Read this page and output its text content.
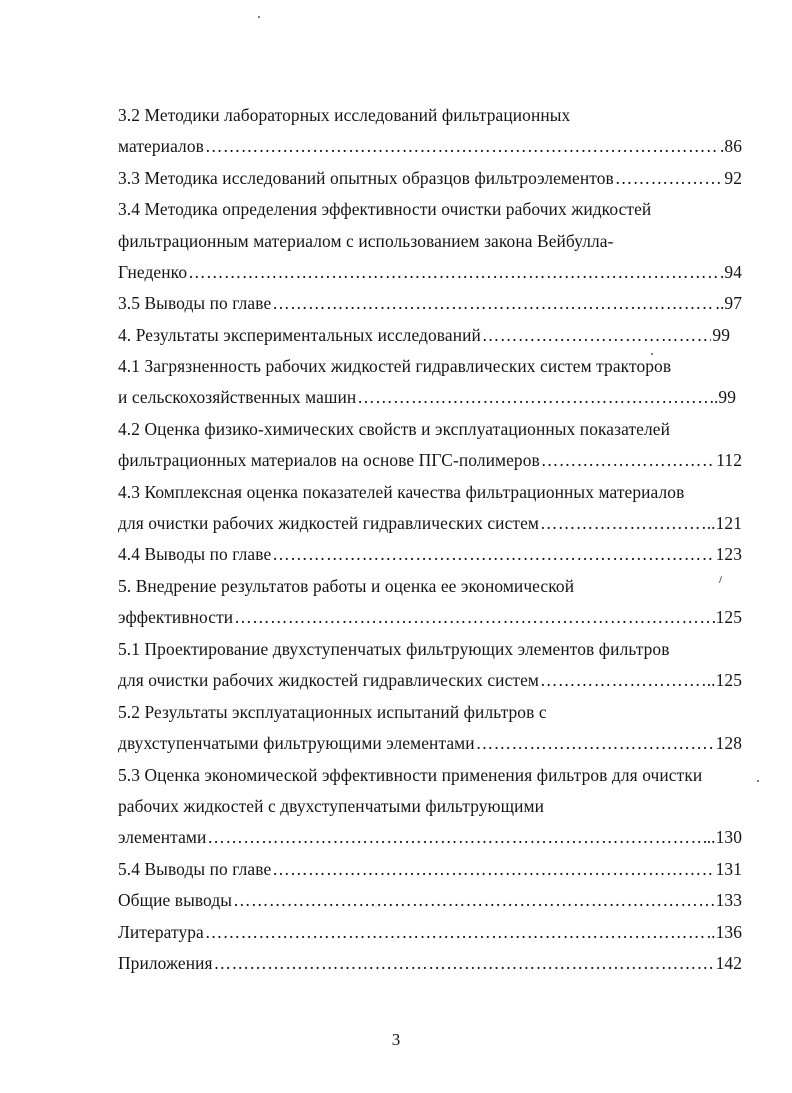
3.2 Методики лабораторных исследований фильтрационных
материалов ……………………………………………………………………………………………………………………………………	.86
3.3 Методика исследований опытных образцов фильтроэлементов ……………………………………………………………………………………………………………………………………	92
3.4 Методика определения эффективности очистки рабочих жидкостей
фильтрационным материалом с использованием закона Вейбулла-
Гнеденко ……………………………………………………………………………………………………………………………………	.94
3.5 Выводы по главе ……………………………………………………………………………………………………………………………………	..97
4. Результаты экспериментальных исследований ……………………………………………………………………………………………………………………………………	99
4.1 Загрязненность рабочих жидкостей гидравлических систем тракторов
и сельскохозяйственных машин ……………………………………………………………………………………………………………………………………	.99
4.2 Оценка физико-химических свойств и эксплуатационных показателей
фильтрационных материалов на основе ПГС-полимеров ……………………………………………………………………………………………………………………………………	112
4.3 Комплексная оценка показателей качества фильтрационных материалов
для очистки рабочих жидкостей гидравлических систем ……………………………………………………………………………………………………………………………………	..121
4.4 Выводы по главе ……………………………………………………………………………………………………………………………………	123
5. Внедрение результатов работы и оценка ее экономической
эффективности ……………………………………………………………………………………………………………………………………	125
5.1 Проектирование двухступенчатых фильтрующих элементов фильтров
для очистки рабочих жидкостей гидравлических систем ……………………………………………………………………………………………………………………………………	..125
5.2 Результаты эксплуатационных испытаний фильтров с
двухступенчатыми фильтрующими элементами ……………………………………………………………………………………………………………………………………	128
5.3 Оценка экономической эффективности применения фильтров для очистки
рабочих жидкостей с двухступенчатыми фильтрующими
элементами ……………………………………………………………………………………………………………………………………	..130
5.4 Выводы по главе ……………………………………………………………………………………………………………………………………	131
Общие выводы ……………………………………………………………………………………………………………………………………	133
Литература ……………………………………………………………………………………………………………………………………	..136
Приложения ……………………………………………………………………………………………………………………………………	142
3
